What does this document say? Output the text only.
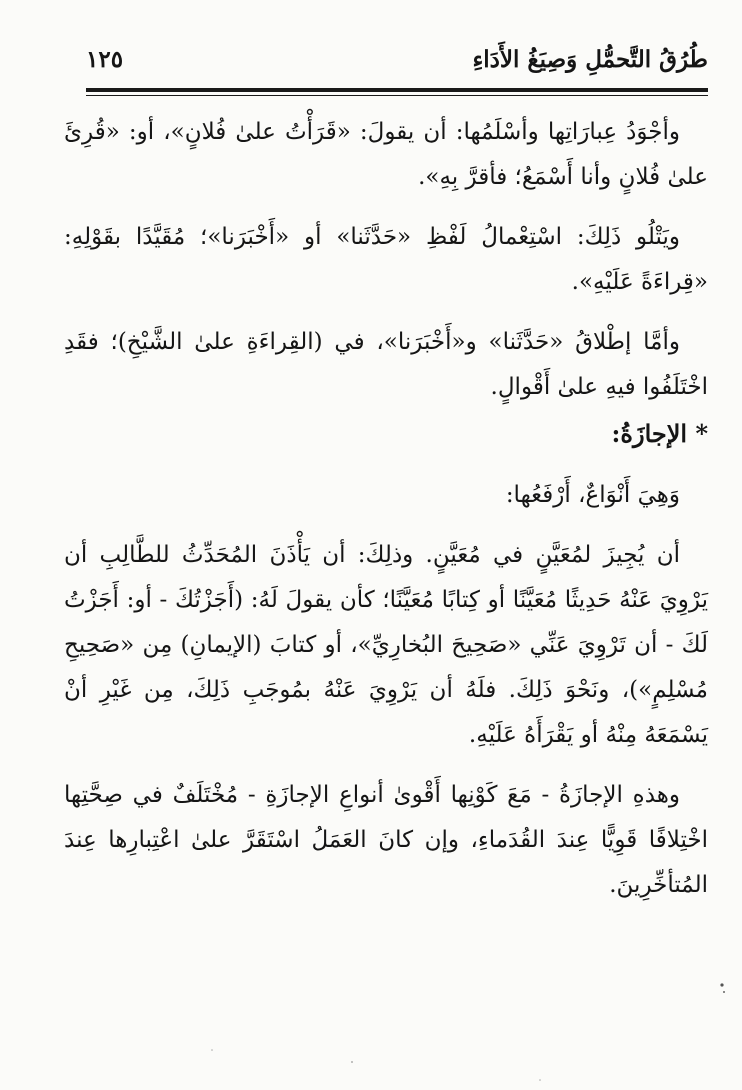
طُرُقُ التَّحمُّلِ وَصِيَغُ الأَدَاءِ
١٢٥

وأجْوَدُ عِبارَاتِها وأسْلَمُها: أن يقولَ: «قَرَأْتُ علىٰ فُلانٍ»، أو: «قُرِئَ علىٰ فُلانٍ وأنا أَسْمَعُ؛ فأقرَّ بِهِ».

ويَتْلُو ذَلِكَ: اسْتِعْمالُ لَفْظِ «حَدَّثَنا» أو «أَخْبَرَنا»؛ مُقَيَّدًا بقَوْلِهِ: «قِراءَةً عَلَيْهِ».

وأمَّا إطْلاقُ «حَدَّثَنا» و«أَخْبَرَنا»، في (القِراءَةِ علىٰ الشَّيْخِ)؛ فقَدِ اخْتَلَفُوا فيهِ علىٰ أَقْوالٍ.

* الإجازَةُ:

وَهِيَ أَنْوَاعٌ، أَرْفَعُها:

أن يُجِيزَ لمُعَيَّنٍ في مُعَيَّنٍ. وذلِكَ: أن يَأْذَنَ المُحَدِّثُ للطَّالِبِ أن يَرْوِيَ عَنْهُ حَدِيثًا مُعَيَّنًا أو كِتابًا مُعَيَّنًا؛ كأن يقولَ لَهُ: (أَجَزْتُكَ - أو: أَجَزْتُ لَكَ - أن تَرْوِيَ عَنِّي «صَحِيحَ البُخارِيِّ»، أو كتابَ (الإيمانِ) مِن «صَحِيحِ مُسْلِمٍ»)، ونَحْوَ ذَلِكَ. فلَهُ أن يَرْوِيَ عَنْهُ بمُوجَبِ ذَلِكَ، مِن غَيْرِ أنْ يَسْمَعَهُ مِنْهُ أو يَقْرَأَهُ عَلَيْهِ.

وهذهِ الإجازَةُ - مَعَ كَوْنِها أَقْوىٰ أنواعِ الإجازَةِ - مُخْتَلَفٌ في صِحَّتِها اخْتِلافًا قَوِيًّا عِندَ القُدَماءِ، وإن كانَ العَمَلُ اسْتَقَرَّ علىٰ اعْتِبارِها عِندَ المُتأخِّرِينَ.
